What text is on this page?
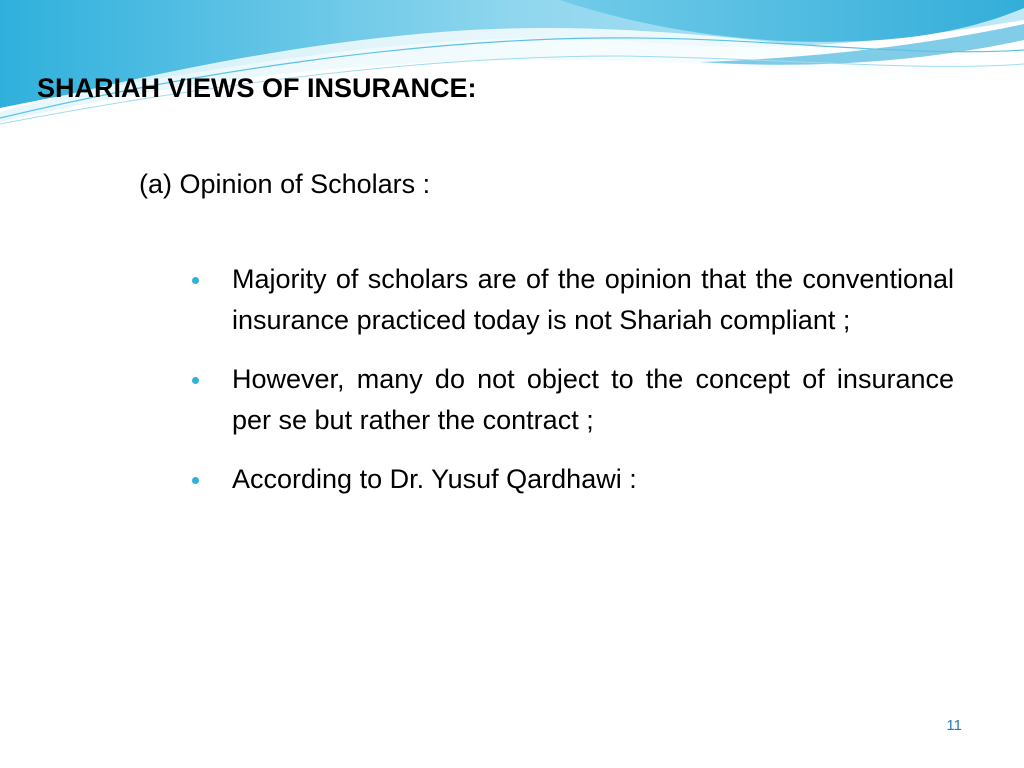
SHARIAH VIEWS OF INSURANCE:

(a) Opinion of Scholars :

Majority of scholars are of the opinion that the conventional insurance practiced today is not Shariah compliant ;
However, many do not object to the concept of insurance per se but rather the contract ;
According to Dr. Yusuf Qardhawi :
11
